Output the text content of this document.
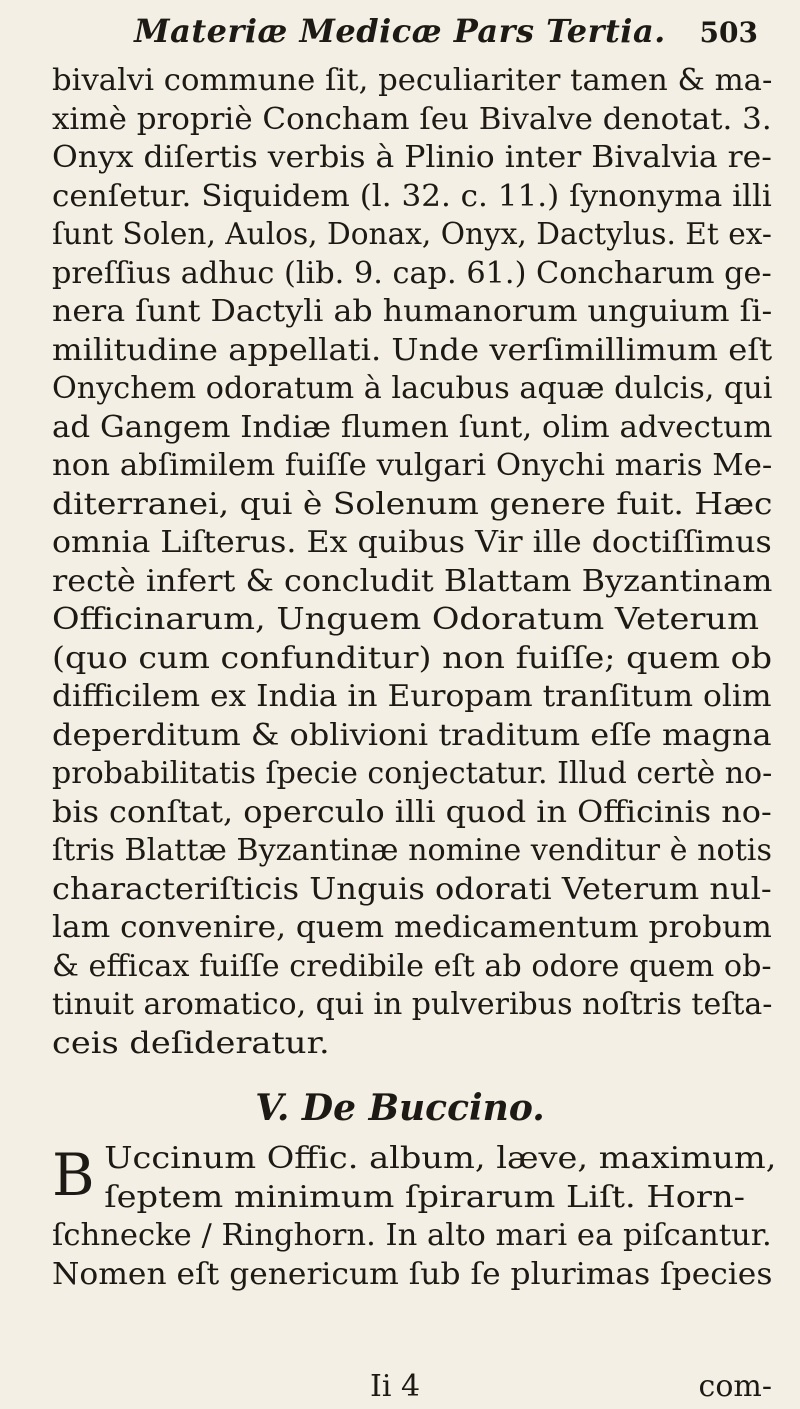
Materiæ Medicæ Pars Tertia.	503
bivalvi commune ſit, peculiariter tamen & ma-
ximè propriè Concham ſeu Bivalve denotat. 3.
Onyx diſertis verbis à Plinio inter Bivalvia re-
cenſetur. Siquidem (l. 32. c. 11.) ſynonyma illi
ſunt Solen, Aulos, Donax, Onyx, Dactylus. Et ex-
preſſius adhuc (lib. 9. cap. 61.) Concharum ge-
nera ſunt Dactyli ab humanorum unguium ſi-
militudine appellati. Unde verſimillimum eſt
Onychem odoratum à lacubus aquæ dulcis, qui
ad Gangem Indiæ flumen ſunt, olim advectum
non abſimilem fuiſſe vulgari Onychi maris Me-
diterranei, qui è Solenum genere fuit. Hæc
omnia Liſterus. Ex quibus Vir ille doctiſſimus
rectè infert & concludit Blattam Byzantinam
Officinarum, Unguem Odoratum Veterum
(quo cum confunditur) non fuiſſe; quem ob
difficilem ex India in Europam tranſitum olim
deperditum & oblivioni traditum eſſe magna
probabilitatis ſpecie conjectatur. Illud certè no-
bis conſtat, operculo illi quod in Officinis no-
ſtris Blattæ Byzantinæ nomine venditur è notis
characteriſticis Unguis odorati Veterum nul-
lam convenire, quem medicamentum probum
& efficax fuiſſe credibile eſt ab odore quem ob-
tinuit aromatico, qui in pulveribus noſtris teſta-
ceis deſideratur.
V. De Buccino.
B Uccinum Offic. album, læve, maximum,
ſeptem minimum ſpirarum Liſt. Horn-
ſchnecke / Ringhorn. In alto mari ea piſcantur.
Nomen eſt genericum ſub ſe plurimas ſpecies
Ii 4	com-
